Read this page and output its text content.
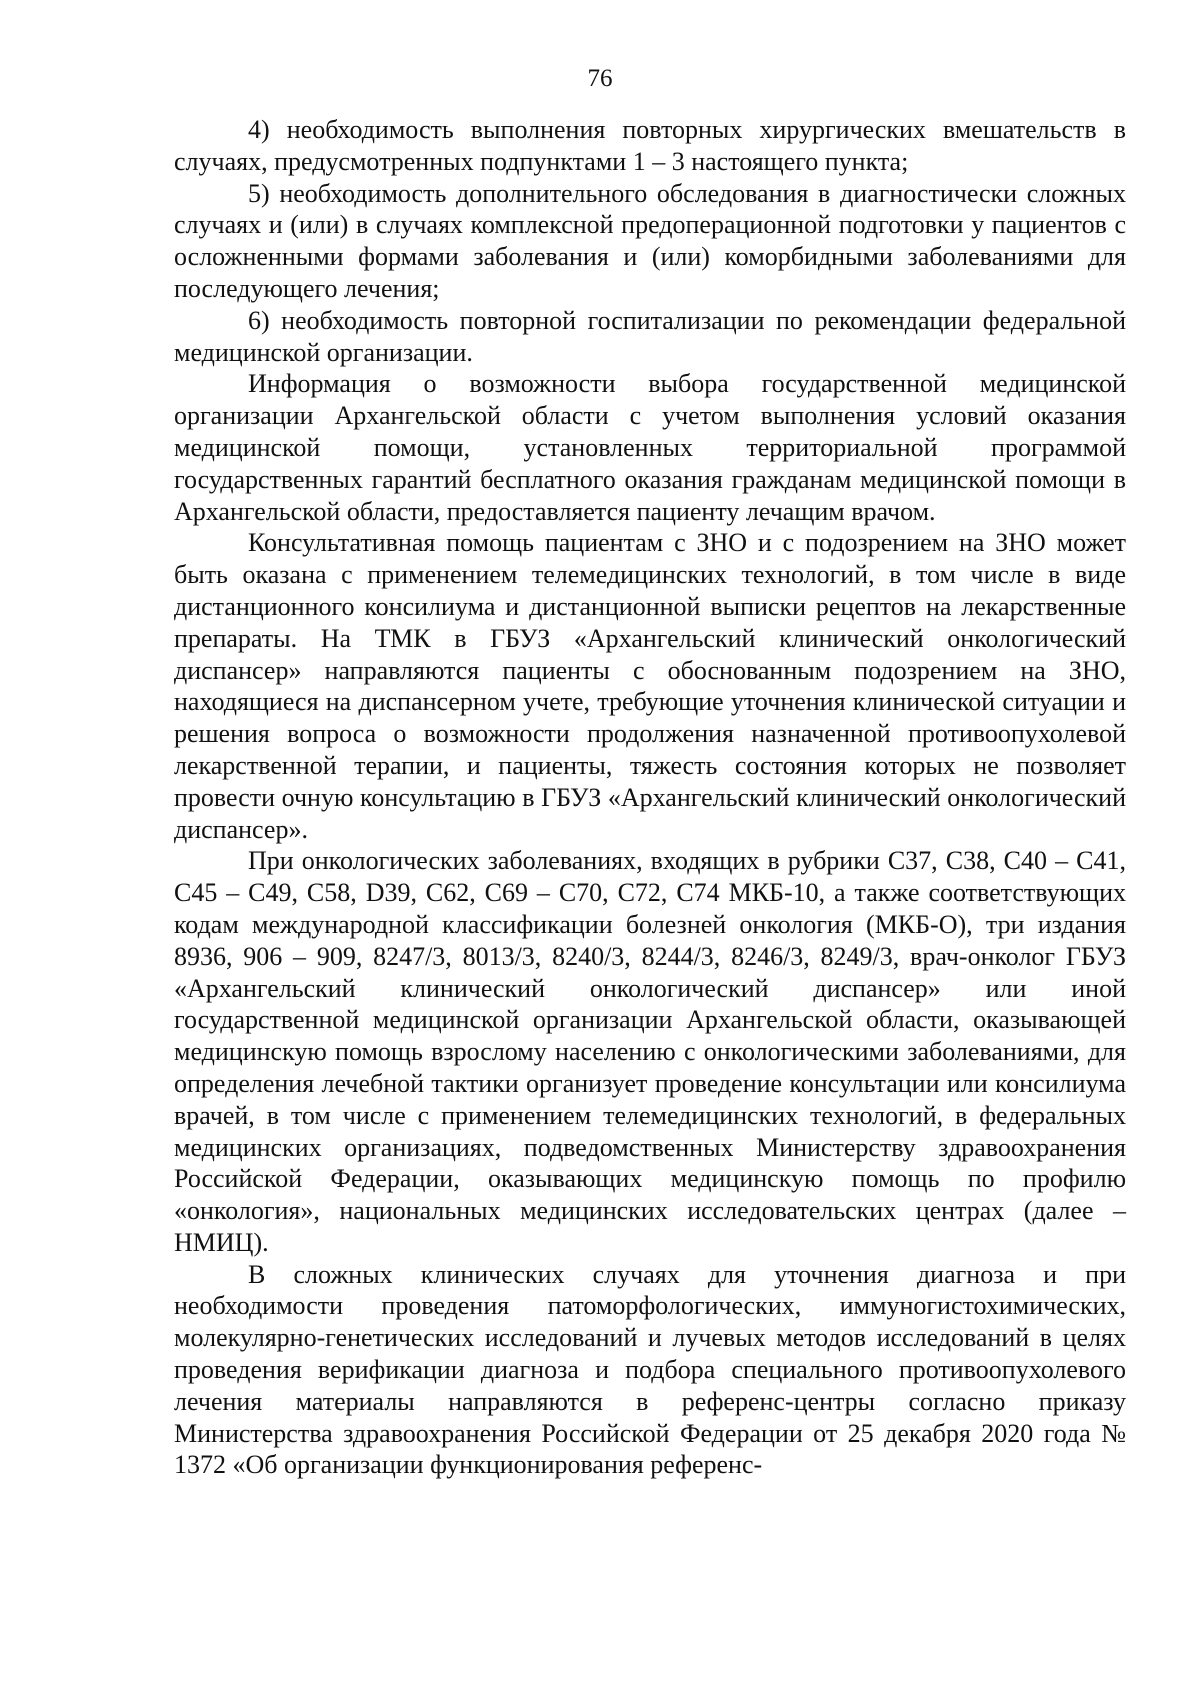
76

4) необходимость выполнения повторных хирургических вмешательств в случаях, предусмотренных подпунктами 1 – 3 настоящего пункта;

5) необходимость дополнительного обследования в диагностически сложных случаях и (или) в случаях комплексной предоперационной подготовки у пациентов с осложненными формами заболевания и (или) коморбидными заболеваниями для последующего лечения;

6) необходимость повторной госпитализации по рекомендации федеральной медицинской организации.

Информация о возможности выбора государственной медицинской организации Архангельской области с учетом выполнения условий оказания медицинской помощи, установленных территориальной программой государственных гарантий бесплатного оказания гражданам медицинской помощи в Архангельской области, предоставляется пациенту лечащим врачом.

Консультативная помощь пациентам с ЗНО и с подозрением на ЗНО может быть оказана с применением телемедицинских технологий, в том числе в виде дистанционного консилиума и дистанционной выписки рецептов на лекарственные препараты. На ТМК в ГБУЗ «Архангельский клинический онкологический диспансер» направляются пациенты с обоснованным подозрением на ЗНО, находящиеся на диспансерном учете, требующие уточнения клинической ситуации и решения вопроса о возможности продолжения назначенной противоопухолевой лекарственной терапии, и пациенты, тяжесть состояния которых не позволяет провести очную консультацию в ГБУЗ «Архангельский клинический онкологический диспансер».

При онкологических заболеваниях, входящих в рубрики C37, C38, C40 – C41, C45 – C49, C58, D39, C62, C69 – C70, C72, C74 МКБ-10, а также соответствующих кодам международной классификации болезней онкология (МКБ-О), три издания 8936, 906 – 909, 8247/3, 8013/3, 8240/3, 8244/3, 8246/3, 8249/3, врач-онколог ГБУЗ «Архангельский клинический онкологический диспансер» или иной государственной медицинской организации Архангельской области, оказывающей медицинскую помощь взрослому населению с онкологическими заболеваниями, для определения лечебной тактики организует проведение консультации или консилиума врачей, в том числе с применением телемедицинских технологий, в федеральных медицинских организациях, подведомственных Министерству здравоохранения Российской Федерации, оказывающих медицинскую помощь по профилю «онкология», национальных медицинских исследовательских центрах (далее – НМИЦ).

В сложных клинических случаях для уточнения диагноза и при необходимости проведения патоморфологических, иммуногистохимических, молекулярно-генетических исследований и лучевых методов исследований в целях проведения верификации диагноза и подбора специального противоопухолевого лечения материалы направляются в референс-центры согласно приказу Министерства здравоохранения Российской Федерации от 25 декабря 2020 года № 1372 «Об организации функционирования референс-
